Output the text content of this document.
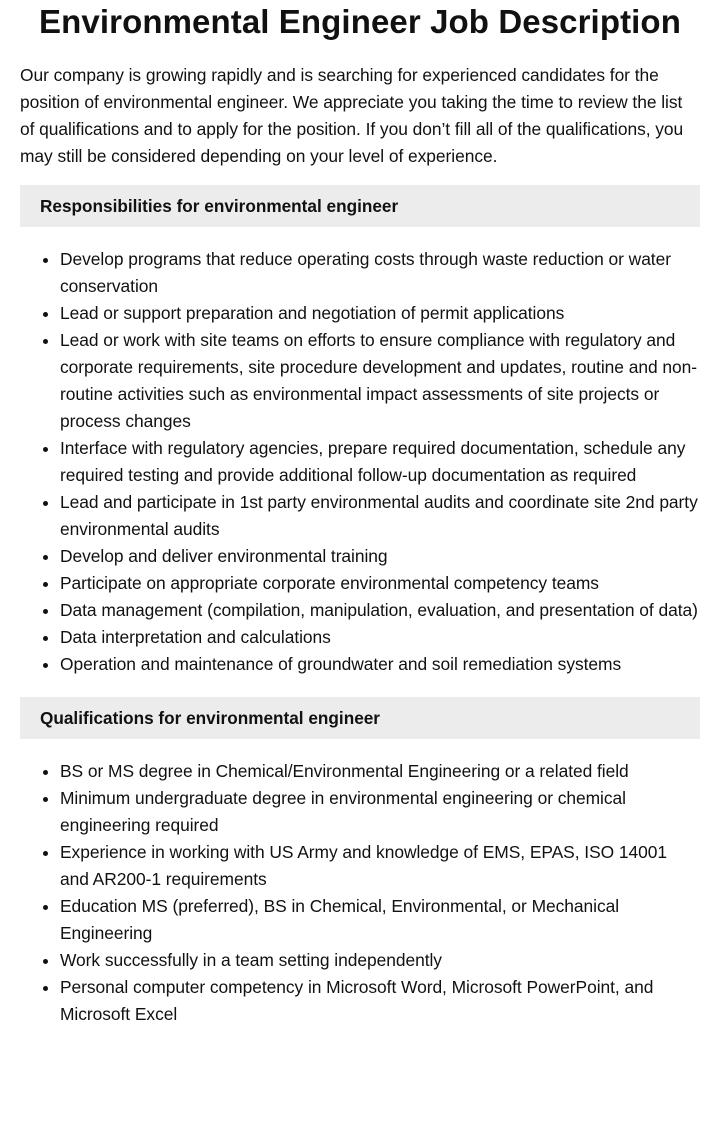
Environmental Engineer Job Description

Our company is growing rapidly and is searching for experienced candidates for the position of environmental engineer. We appreciate you taking the time to review the list of qualifications and to apply for the position. If you don’t fill all of the qualifications, you may still be considered depending on your level of experience.

Responsibilities for environmental engineer
• Develop programs that reduce operating costs through waste reduction or water conservation
• Lead or support preparation and negotiation of permit applications
• Lead or work with site teams on efforts to ensure compliance with regulatory and corporate requirements, site procedure development and updates, routine and non-routine activities such as environmental impact assessments of site projects or process changes
• Interface with regulatory agencies, prepare required documentation, schedule any required testing and provide additional follow-up documentation as required
• Lead and participate in 1st party environmental audits and coordinate site 2nd party environmental audits
• Develop and deliver environmental training
• Participate on appropriate corporate environmental competency teams
• Data management (compilation, manipulation, evaluation, and presentation of data)
• Data interpretation and calculations
• Operation and maintenance of groundwater and soil remediation systems
Qualifications for environmental engineer
• BS or MS degree in Chemical/Environmental Engineering or a related field
• Minimum undergraduate degree in environmental engineering or chemical engineering required
• Experience in working with US Army and knowledge of EMS, EPAS, ISO 14001 and AR200-1 requirements
• Education MS (preferred), BS in Chemical, Environmental, or Mechanical Engineering
• Work successfully in a team setting independently
• Personal computer competency in Microsoft Word, Microsoft PowerPoint, and Microsoft Excel
